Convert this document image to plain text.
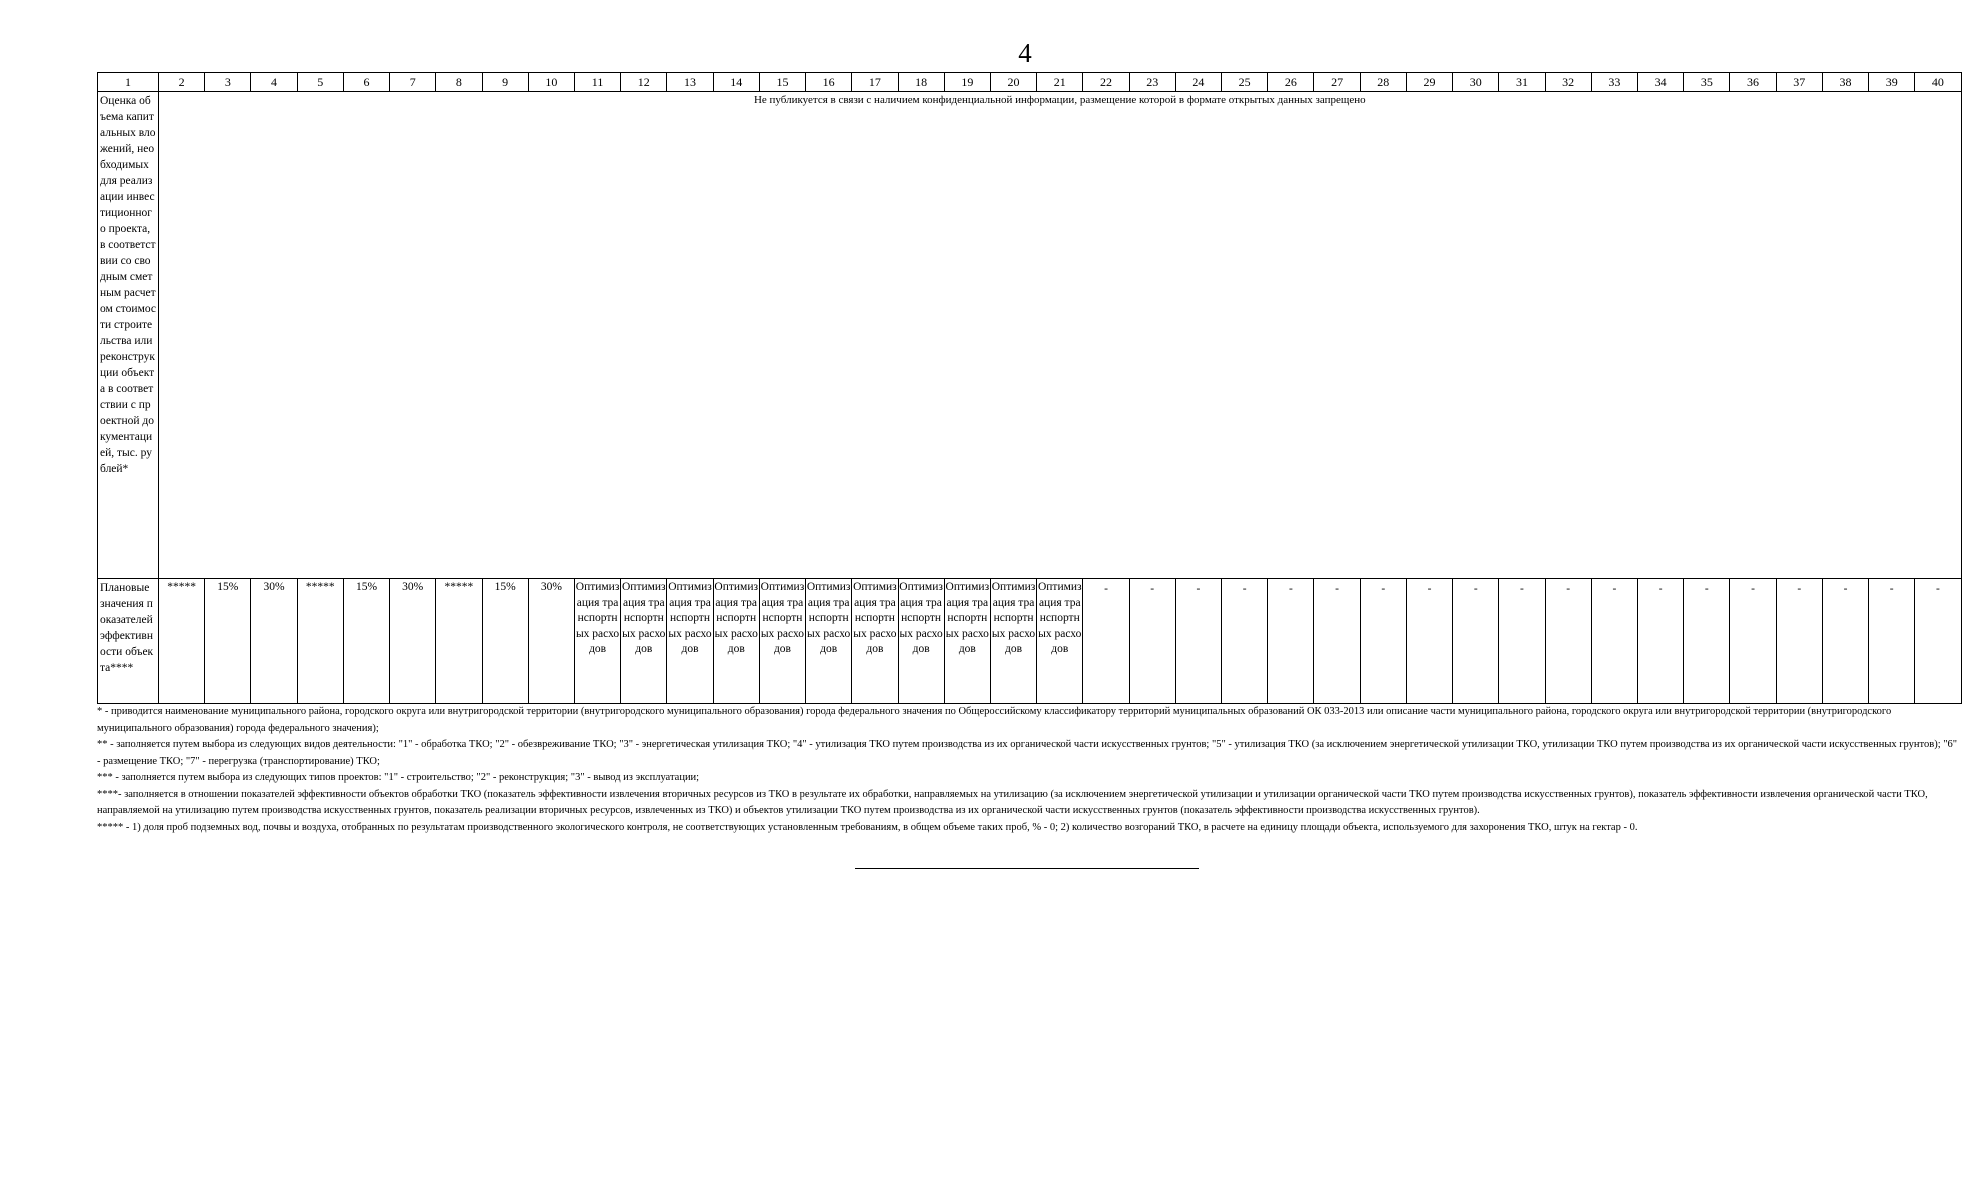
4
1	2	3	4	5	6	7	8	9	10	11	12	13	14	15	16	17	18	19	20	21	22	23	24	25	26	27	28	29	30	31	32	33	34	35	36	37	38	39	40
Оценка объема капитальных вложений, необходимых для реализации инвестиционного проекта, в соответствии со сводным сметным расчетом стоимости строительства или реконструкции объекта в соответствии с проектной документацией, тыс. рублей*	Не публикуется в связи с наличием конфиденциальной информации, размещение которой в формате открытых данных запрещено																																						
Плановые значения показателей эффективности объекта****	*****	15%	30%	*****	15%	30%	*****	15%	30%	Оптимизация транспортных расходов	Оптимизация транспортных расходов	Оптимизация транспортных расходов	Оптимизация транспортных расходов	Оптимизация транспортных расходов	Оптимизация транспортных расходов	Оптимизация транспортных расходов	Оптимизация транспортных расходов	Оптимизация транспортных расходов	Оптимизация транспортных расходов	Оптимизация транспортных расходов	-	-	-	-	-	-	-	-	-	-	-	-	-	-	-	-	-	-	-

* - приводится наименование муниципального района, городского округа или внутригородской территории (внутригородского муниципального образования) города федерального значения по Общероссийскому классификатору территорий муниципальных образований ОК 033-2013 или описание части муниципального района, городского округа или внутригородской территории (внутригородского муниципального образования) города федерального значения);

** - заполняется путем выбора из следующих видов деятельности: "1" - обработка ТКО; "2" - обезвреживание ТКО; "3" - энергетическая утилизация ТКО; "4" - утилизация ТКО путем производства из их органической части искусственных грунтов; "5" - утилизация ТКО (за исключением энергетической утилизации ТКО, утилизации ТКО путем производства из их органической части искусственных грунтов); "6" - размещение ТКО; "7" - перегрузка (транспортирование) ТКО;

*** - заполняется путем выбора из следующих типов проектов: "1" - строительство; "2" - реконструкция; "3" - вывод из эксплуатации;

****- заполняется в отношении показателей эффективности объектов обработки ТКО (показатель эффективности извлечения вторичных ресурсов из ТКО в результате их обработки, направляемых на утилизацию (за исключением энергетической утилизации и утилизации органической части ТКО путем производства искусственных грунтов), показатель эффективности извлечения органической части ТКО, направляемой на утилизацию путем производства искусственных грунтов, показатель реализации вторичных ресурсов, извлеченных из ТКО) и объектов утилизации ТКО путем производства из их органической части искусственных грунтов (показатель эффективности производства искусственных грунтов).

***** - 1) доля проб подземных вод, почвы и воздуха, отобранных по результатам производственного экологического контроля, не соответствующих установленным требованиям, в общем объеме таких проб, % - 0; 2) количество возгораний ТКО, в расчете на единицу площади объекта, используемого для захоронения ТКО, штук на гектар - 0.
